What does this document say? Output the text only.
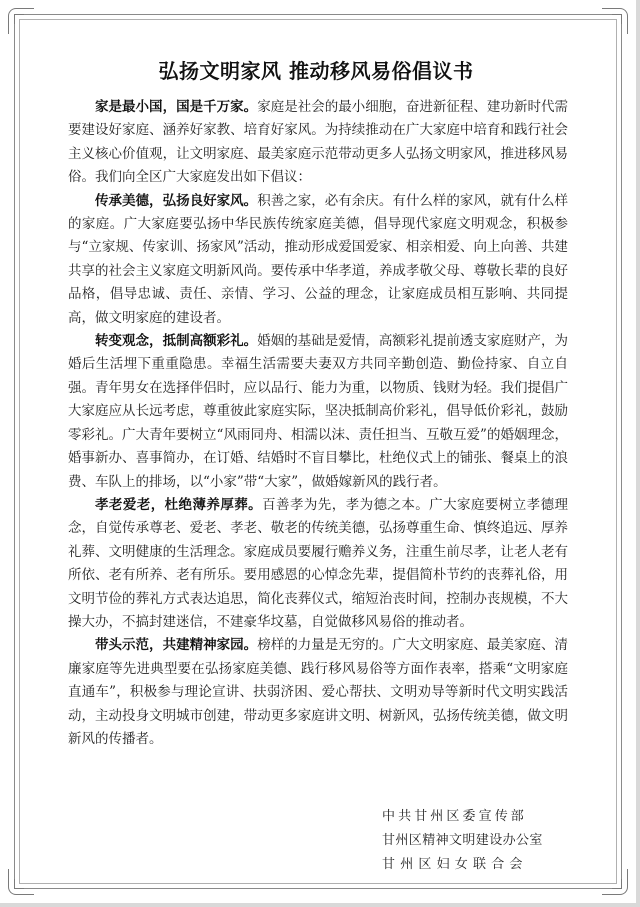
弘扬文明家风 推动移风易俗倡议书

家是最小国，国是千万家。家庭是社会的最小细胞，奋进新征程、建功新时代需要建设好家庭、涵养好家教、培育好家风。为持续推动在广大家庭中培育和践行社会主义核心价值观，让文明家庭、最美家庭示范带动更多人弘扬文明家风，推进移风易俗。我们向全区广大家庭发出如下倡议：

传承美德，弘扬良好家风。积善之家，必有余庆。有什么样的家风，就有什么样的家庭。广大家庭要弘扬中华民族传统家庭美德，倡导现代家庭文明观念，积极参与“立家规、传家训、扬家风”活动，推动形成爱国爱家、相亲相爱、向上向善、共建共享的社会主义家庭文明新风尚。要传承中华孝道，养成孝敬父母、尊敬长辈的良好品格，倡导忠诚、责任、亲情、学习、公益的理念，让家庭成员相互影响、共同提高，做文明家庭的建设者。

转变观念，抵制高额彩礼。婚姻的基础是爱情，高额彩礼提前透支家庭财产，为婚后生活埋下重重隐患。幸福生活需要夫妻双方共同辛勤创造、勤俭持家、自立自强。青年男女在选择伴侣时，应以品行、能力为重，以物质、钱财为轻。我们提倡广大家庭应从长远考虑，尊重彼此家庭实际，坚决抵制高价彩礼，倡导低价彩礼，鼓励零彩礼。广大青年要树立“风雨同舟、相濡以沫、责任担当、互敬互爱”的婚姻理念，婚事新办、喜事简办，在订婚、结婚时不盲目攀比，杜绝仪式上的铺张、餐桌上的浪费、车队上的排场，以“小家”带“大家”，做婚嫁新风的践行者。

孝老爱老，杜绝薄养厚葬。百善孝为先，孝为德之本。广大家庭要树立孝德理念，自觉传承尊老、爱老、孝老、敬老的传统美德，弘扬尊重生命、慎终追远、厚养礼葬、文明健康的生活理念。家庭成员要履行赡养义务，注重生前尽孝，让老人老有所依、老有所养、老有所乐。要用感恩的心悼念先辈，提倡简朴节约的丧葬礼俗，用文明节俭的葬礼方式表达追思，简化丧葬仪式，缩短治丧时间，控制办丧规模，不大操大办，不搞封建迷信，不建豪华坟墓，自觉做移风易俗的推动者。

带头示范，共建精神家园。榜样的力量是无穷的。广大文明家庭、最美家庭、清廉家庭等先进典型要在弘扬家庭美德、践行移风易俗等方面作表率，搭乘“文明家庭直通车”，积极参与理论宣讲、扶弱济困、爱心帮扶、文明劝导等新时代文明实践活动，主动投身文明城市创建，带动更多家庭讲文明、树新风，弘扬传统美德，做文明新风的传播者。

中共甘州区委宣传部
甘州区精神文明建设办公室
甘州区妇女联合会
